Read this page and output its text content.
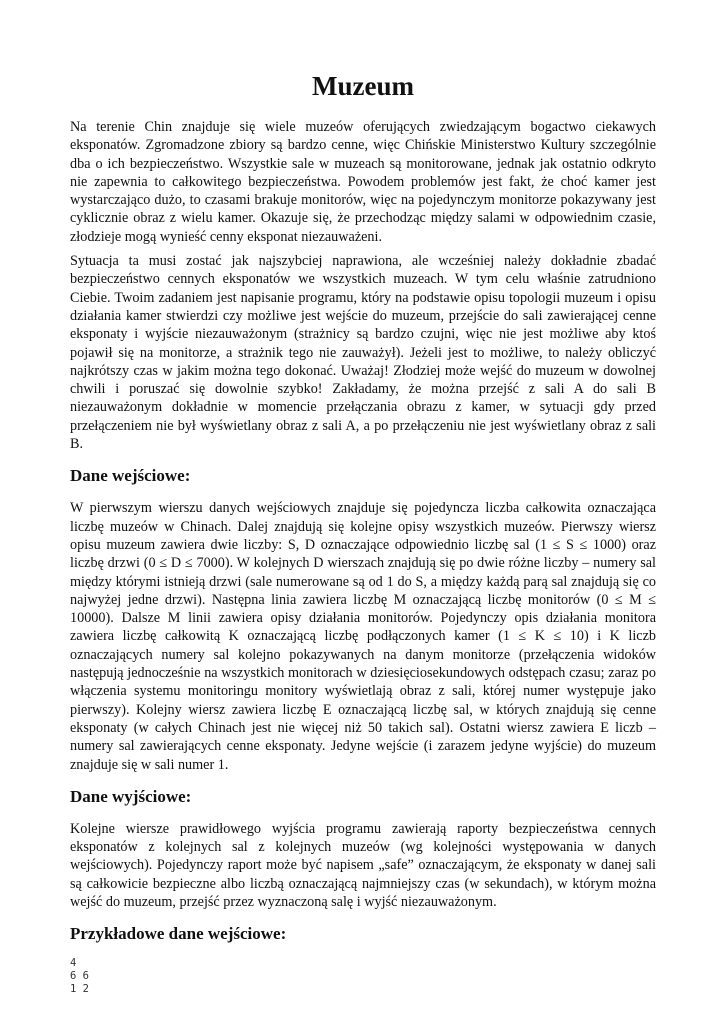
Muzeum

Na terenie Chin znajduje się wiele muzeów oferujących zwiedzającym bogactwo ciekawych eksponatów. Zgromadzone zbiory są bardzo cenne, więc Chińskie Ministerstwo Kultury szczególnie dba o ich bezpieczeństwo. Wszystkie sale w muzeach są monitorowane, jednak jak ostatnio odkryto nie zapewnia to całkowitego bezpieczeństwa. Powodem problemów jest fakt, że choć kamer jest wystarczająco dużo, to czasami brakuje monitorów, więc na pojedynczym monitorze pokazywany jest cyklicznie obraz z wielu kamer. Okazuje się, że przechodząc między salami w odpowiednim czasie, złodzieje mogą wynieść cenny eksponat niezauważeni.

Sytuacja ta musi zostać jak najszybciej naprawiona, ale wcześniej należy dokładnie zbadać bezpieczeństwo cennych eksponatów we wszystkich muzeach. W tym celu właśnie zatrudniono Ciebie. Twoim zadaniem jest napisanie programu, który na podstawie opisu topologii muzeum i opisu działania kamer stwierdzi czy możliwe jest wejście do muzeum, przejście do sali zawierającej cenne eksponaty i wyjście niezauważonym (strażnicy są bardzo czujni, więc nie jest możliwe aby ktoś pojawił się na monitorze, a strażnik tego nie zauważył). Jeżeli jest to możliwe, to należy obliczyć najkrótszy czas w jakim można tego dokonać. Uważaj! Złodziej może wejść do muzeum w dowolnej chwili i poruszać się dowolnie szybko! Zakładamy, że można przejść z sali A do sali B niezauważonym dokładnie w momencie przełączania obrazu z kamer, w sytuacji gdy przed przełączeniem nie był wyświetlany obraz z sali A, a po przełączeniu nie jest wyświetlany obraz z sali B.

Dane wejściowe:

W pierwszym wierszu danych wejściowych znajduje się pojedyncza liczba całkowita oznaczająca liczbę muzeów w Chinach. Dalej znajdują się kolejne opisy wszystkich muzeów. Pierwszy wiersz opisu muzeum zawiera dwie liczby: S, D oznaczające odpowiednio liczbę sal (1 ≤ S ≤ 1000) oraz liczbę drzwi (0 ≤ D ≤ 7000). W kolejnych D wierszach znajdują się po dwie różne liczby – numery sal między którymi istnieją drzwi (sale numerowane są od 1 do S, a między każdą parą sal znajdują się co najwyżej jedne drzwi). Następna linia zawiera liczbę M oznaczającą liczbę monitorów (0 ≤ M ≤ 10000). Dalsze M linii zawiera opisy działania monitorów. Pojedynczy opis działania monitora zawiera liczbę całkowitą K oznaczającą liczbę podłączonych kamer (1 ≤ K ≤ 10) i K liczb oznaczających numery sal kolejno pokazywanych na danym monitorze (przełączenia widoków następują jednocześnie na wszystkich monitorach w dziesięciosekundowych odstępach czasu; zaraz po włączenia systemu monitoringu monitory wyświetlają obraz z sali, której numer występuje jako pierwszy). Kolejny wiersz zawiera liczbę E oznaczającą liczbę sal, w których znajdują się cenne eksponaty (w całych Chinach jest nie więcej niż 50 takich sal). Ostatni wiersz zawiera E liczb – numery sal zawierających cenne eksponaty. Jedyne wejście (i zarazem jedyne wyjście) do muzeum znajduje się w sali numer 1.

Dane wyjściowe:

Kolejne wiersze prawidłowego wyjścia programu zawierają raporty bezpieczeństwa cennych eksponatów z kolejnych sal z kolejnych muzeów (wg kolejności występowania w danych wejściowych). Pojedynczy raport może być napisem „safe” oznaczającym, że eksponaty w danej sali są całkowicie bezpieczne albo liczbą oznaczającą najmniejszy czas (w sekundach), w którym można wejść do muzeum, przejść przez wyznaczoną salę i wyjść niezauważonym.

Przykładowe dane wejściowe:
4
6 6
1 2
